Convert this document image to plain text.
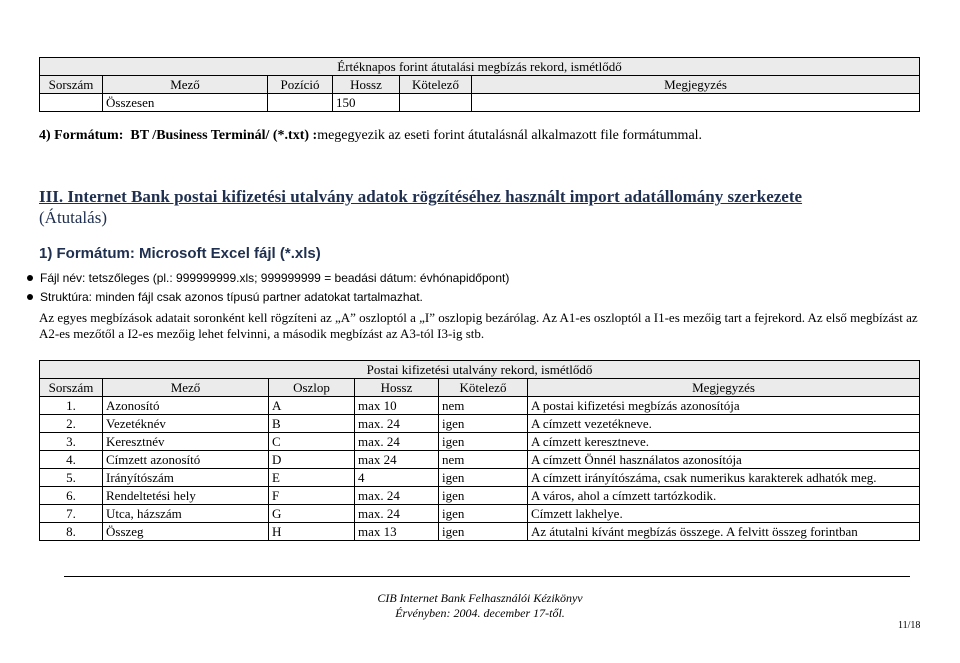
Értéknapos forint átutalási megbízás rekord, ismétlődő					
Sorszám	Mező	Pozíció	Hossz	Kötelező	Megjegyzés
	Összesen		150		
4) Formátum: BT /Business Terminál/ (*.txt) :megegyezik az eseti forint átutalásnál alkalmazott file formátummal.
III. Internet Bank postai kifizetési utalvány adatok rögzítéséhez használt import adatállomány szerkezete
(Átutalás)
1) Formátum: Microsoft Excel fájl (*.xls)
Fájl név: tetszőleges (pl.: 999999999.xls; 999999999 = beadási dátum: évhónapidőpont)
Struktúra: minden fájl csak azonos típusú partner adatokat tartalmazhat.
Az egyes megbízások adatait soronként kell rögzíteni az „A” oszloptól a „I” oszlopig bezárólag. Az A1-es oszloptól a I1-es mezőig tart a fejrekord. Az első megbízást az A2-es mezőtől a I2-es mezőig lehet felvinni, a második megbízást az A3-tól I3-ig stb.
Postai kifizetési utalvány rekord, ismétlődő					
Sorszám	Mező	Oszlop	Hossz	Kötelező	Megjegyzés
1.	Azonosító	A	max 10	nem	A postai kifizetési megbízás azonosítója
2.	Vezetéknév	B	max. 24	igen	A címzett vezetékneve.
3.	Keresztnév	C	max. 24	igen	A címzett keresztneve.
4.	Címzett azonosító	D	max 24	nem	A címzett Önnél használatos azonosítója
5.	Irányítószám	E	4	igen	A címzett irányítószáma, csak numerikus karakterek adhatók meg.
6.	Rendeltetési hely	F	max. 24	igen	A város, ahol a címzett tartózkodik.
7.	Utca, házszám	G	max. 24	igen	Címzett lakhelye.
8.	Összeg	H	max 13	igen	Az átutalni kívánt megbízás összege. A felvitt összeg forintban
CIB Internet Bank Felhasználói Kézikönyv
Érvényben: 2004. december 17-től.
11/18
